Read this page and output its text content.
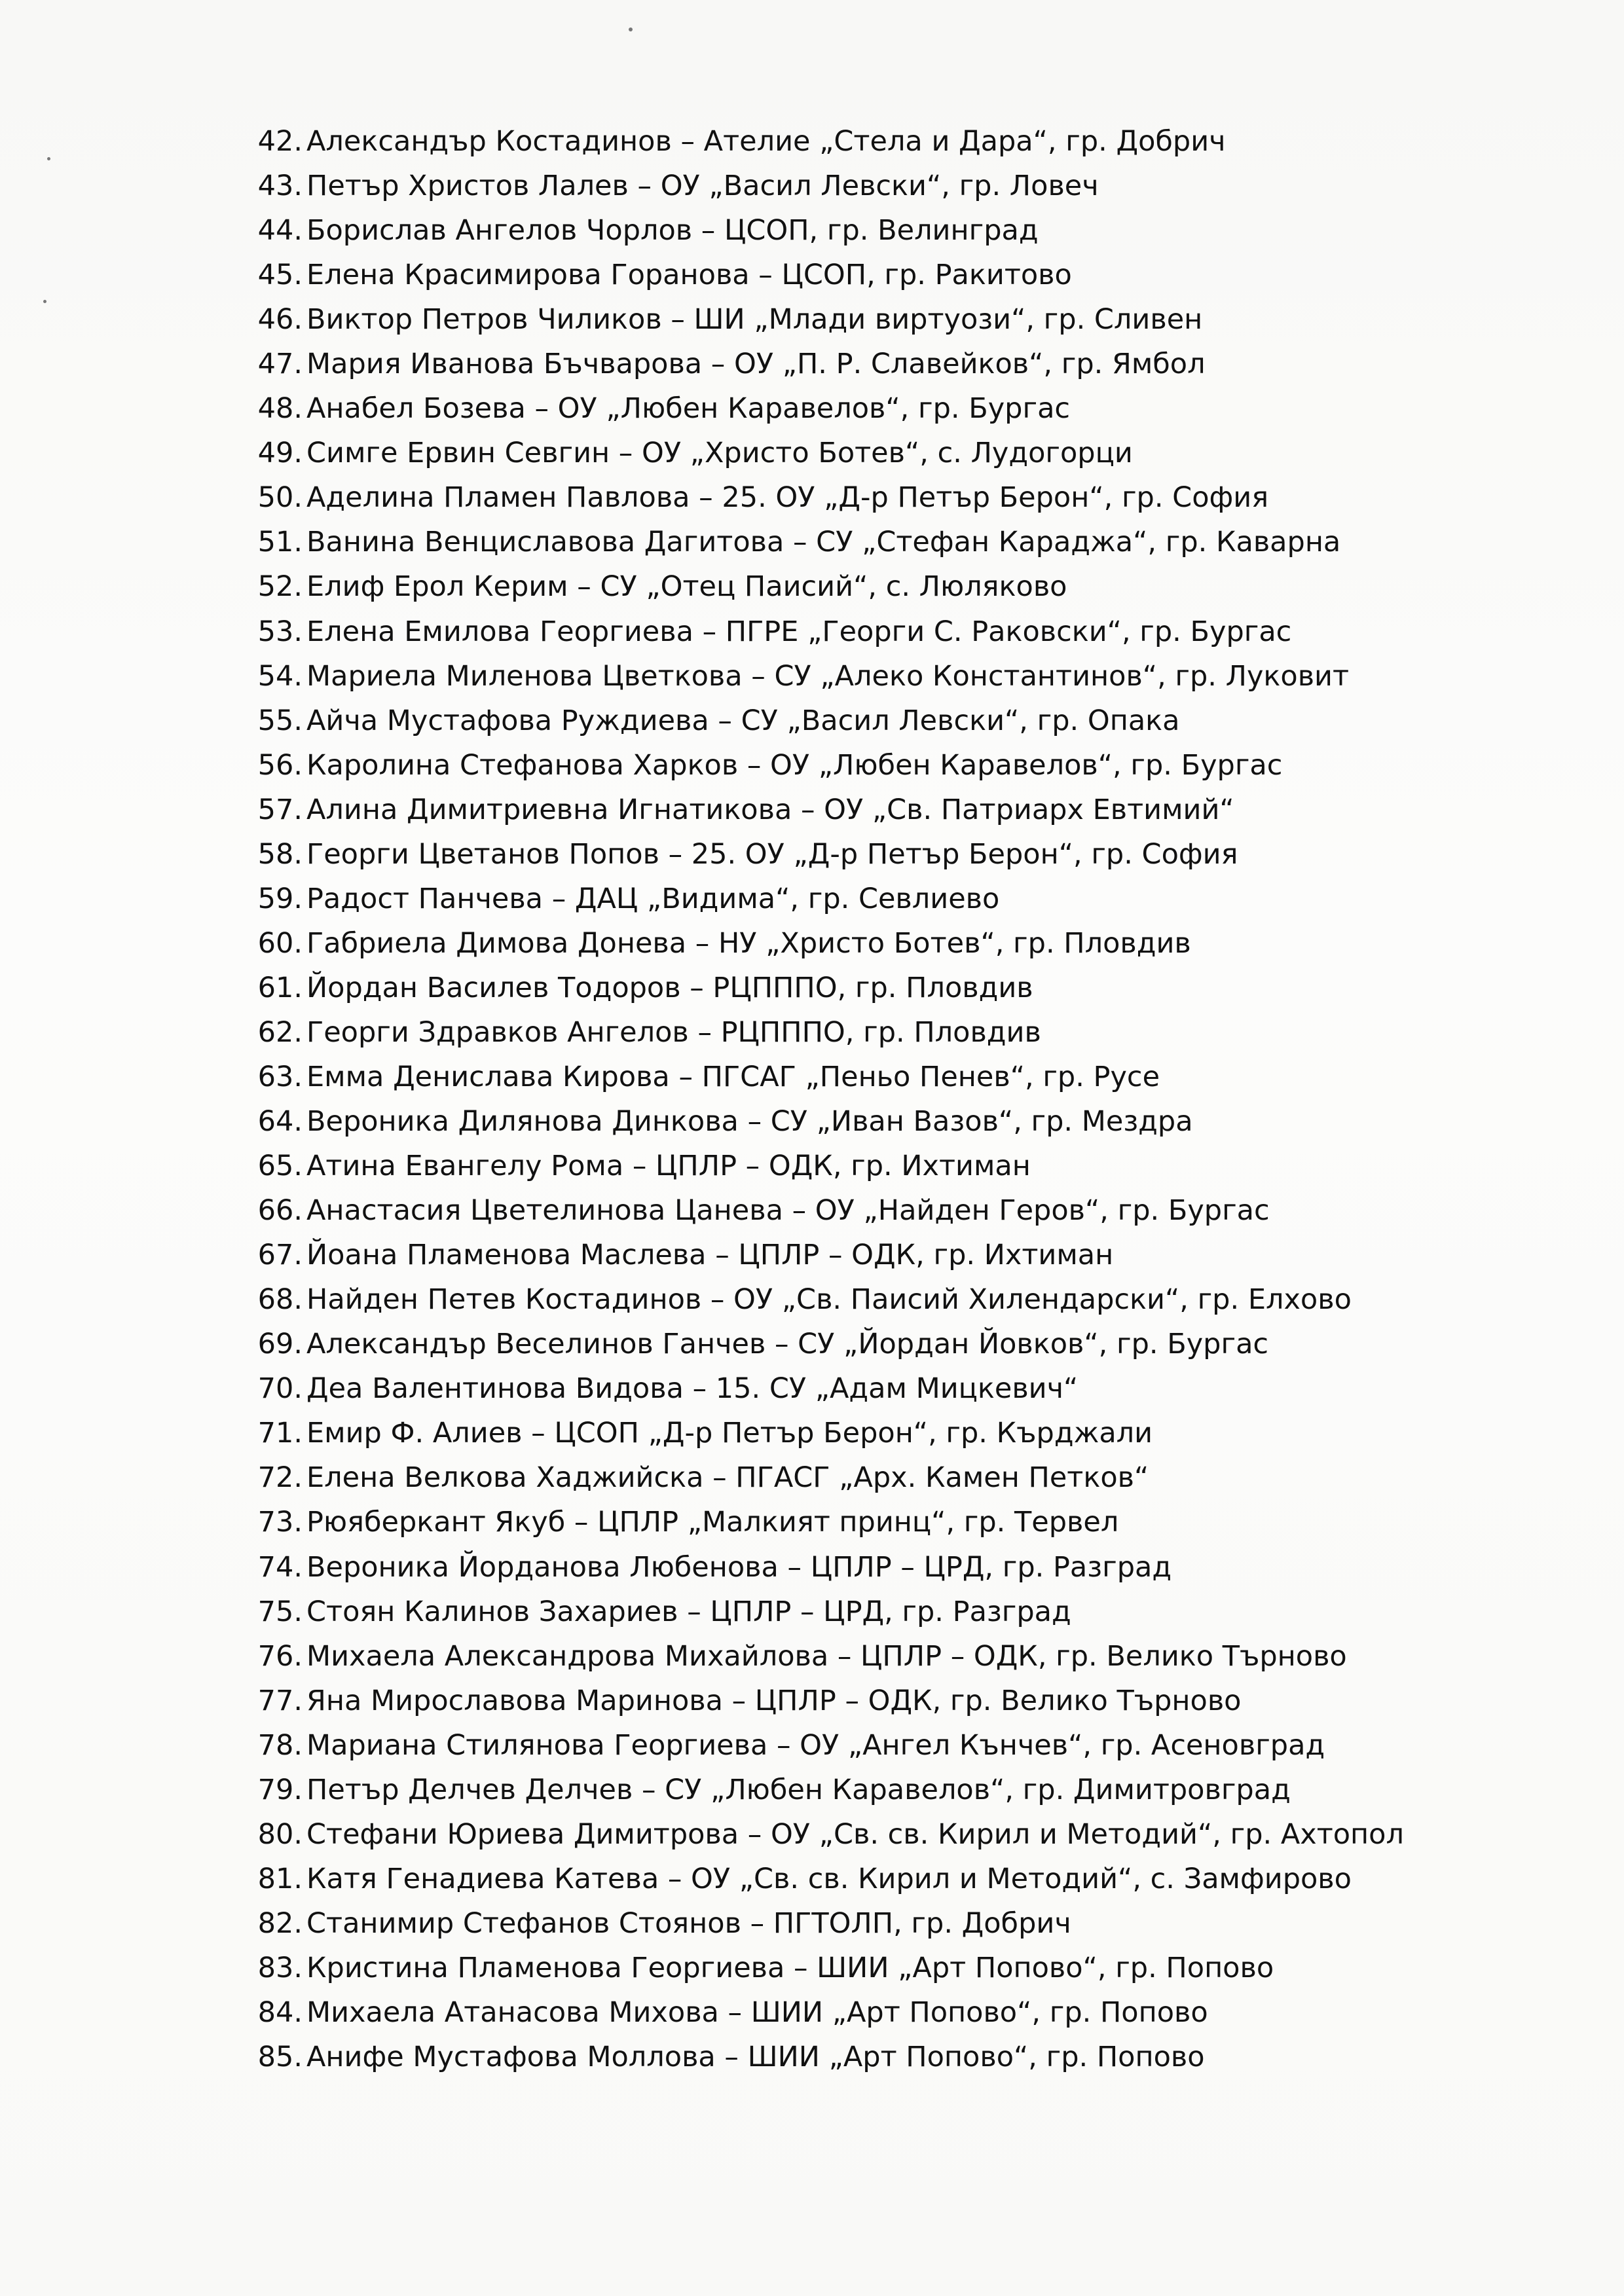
42. Александър Костадинов – Ателие „Стела и Дара“, гр. Добрич
43. Петър Христов Лалев – ОУ „Васил Левски“, гр. Ловеч
44. Борислав Ангелов Чорлов – ЦСОП, гр. Велинград
45. Елена Красимирова Горанова – ЦСОП, гр. Ракитово
46. Виктор Петров Чиликов – ШИ „Млади виртуози“, гр. Сливен
47. Мария Иванова Бъчварова – ОУ „П. Р. Славейков“, гр. Ямбол
48. Анабел Бозева – ОУ „Любен Каравелов“, гр. Бургас
49. Симге Ервин Севгин – ОУ „Христо Ботев“, с. Лудогорци
50. Аделина Пламен Павлова – 25. ОУ „Д-р Петър Берон“, гр. София
51. Ванина Венциславова Дагитова – СУ „Стефан Караджа“, гр. Каварна
52. Елиф Ерол Керим – СУ „Отец Паисий“, с. Люляково
53. Елена Емилова Георгиева – ПГРЕ „Георги С. Раковски“, гр. Бургас
54. Мариела Миленова Цветкова – СУ „Алеко Константинов“, гр. Луковит
55. Айча Мустафова Руждиева – СУ „Васил Левски“, гр. Опака
56. Каролина Стефанова Харков – ОУ „Любен Каравелов“, гр. Бургас
57. Алина Димитриевна Игнатикова – ОУ „Св. Патриарх Евтимий“
58. Георги Цветанов Попов – 25. ОУ „Д-р Петър Берон“, гр. София
59. Радост Панчева – ДАЦ „Видима“, гр. Севлиево
60. Габриела Димова Донева – НУ „Христо Ботев“, гр. Пловдив
61. Йордан Василев Тодоров – РЦПППО, гр. Пловдив
62. Георги Здравков Ангелов – РЦПППО, гр. Пловдив
63. Емма Денислава Кирова – ПГСАГ „Пеньо Пенев“, гр. Русе
64. Вероника Дилянова Динкова – СУ „Иван Вазов“, гр. Мездра
65. Атина Евангелу Рома – ЦПЛР – ОДК, гр. Ихтиман
66. Анастасия Цветелинова Цанева – ОУ „Найден Геров“, гр. Бургас
67. Йоана Пламенова Маслева – ЦПЛР – ОДК, гр. Ихтиман
68. Найден Петев Костадинов – ОУ „Св. Паисий Хилендарски“, гр. Елхово
69. Александър Веселинов Ганчев – СУ „Йордан Йовков“, гр. Бургас
70. Деа Валентинова Видова – 15. СУ „Адам Мицкевич“
71. Емир Ф. Алиев – ЦСОП „Д-р Петър Берон“, гр. Кърджали
72. Елена Велкова Хаджийска – ПГАСГ „Арх. Камен Петков“
73. Рюяберкант Якуб – ЦПЛР „Малкият принц“, гр. Тервел
74. Вероника Йорданова Любенова – ЦПЛР – ЦРД, гр. Разград
75. Стоян Калинов Захариев – ЦПЛР – ЦРД, гр. Разград
76. Михаела Александрова Михайлова – ЦПЛР – ОДК, гр. Велико Търново
77. Яна Мирославова Маринова – ЦПЛР – ОДК, гр. Велико Търново
78. Мариана Стилянова Георгиева – ОУ „Ангел Кънчев“, гр. Асеновград
79. Петър Делчев Делчев – СУ „Любен Каравелов“, гр. Димитровград
80. Стефани Юриева Димитрова – ОУ „Св. св. Кирил и Методий“, гр. Ахтопол
81. Катя Генадиева Катева – ОУ „Св. св. Кирил и Методий“, с. Замфирово
82. Станимир Стефанов Стоянов – ПГТОЛП, гр. Добрич
83. Кристина Пламенова Георгиева – ШИИ „Арт Попово“, гр. Попово
84. Михаела Атанасова Михова – ШИИ „Арт Попово“, гр. Попово
85. Анифе Мустафова Моллова – ШИИ „Арт Попово“, гр. Попово
